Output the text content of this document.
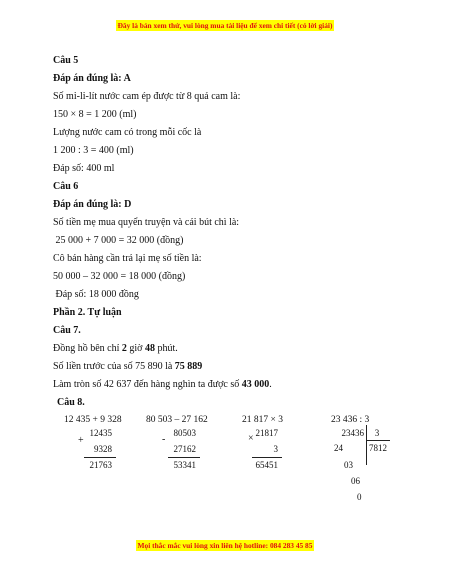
Đây là bản xem thử, vui lòng mua tài liệu để xem chi tiết (có lời giải)
Câu 5
Đáp án đúng là: A
Số mi-li-lít nước cam ép được từ 8 quả cam là:
150 × 8 = 1 200 (ml)
Lượng nước cam có trong mỗi cốc là
1 200 : 3 = 400 (ml)
Đáp số: 400 ml
Câu 6
Đáp án đúng là: D
Số tiền mẹ mua quyển truyện và cái bút chì là:
25 000 + 7 000 = 32 000 (đồng)
Cô bán hàng cần trả lại mẹ số tiền là:
50 000 – 32 000 = 18 000 (đồng)
Đáp số: 18 000 đồng
Phần 2. Tự luận
Câu 7.
Đồng hồ bên chỉ 2 giờ 48 phút.
Số liền trước của số 75 890 là 75 889
Làm tròn số 42 637 đến hàng nghìn ta được số 43 000.
Câu 8.
12 435 + 9 328	80 503 – 27 162	21 817 × 3	23 436 : 3
12435
+
9328
21763
80503
-
27162
53341
21817
×
3
65451
23436	3
7812
24
03
06
0
Mọi thắc mắc vui lòng xin liên hệ hotline: 084 283 45 85
